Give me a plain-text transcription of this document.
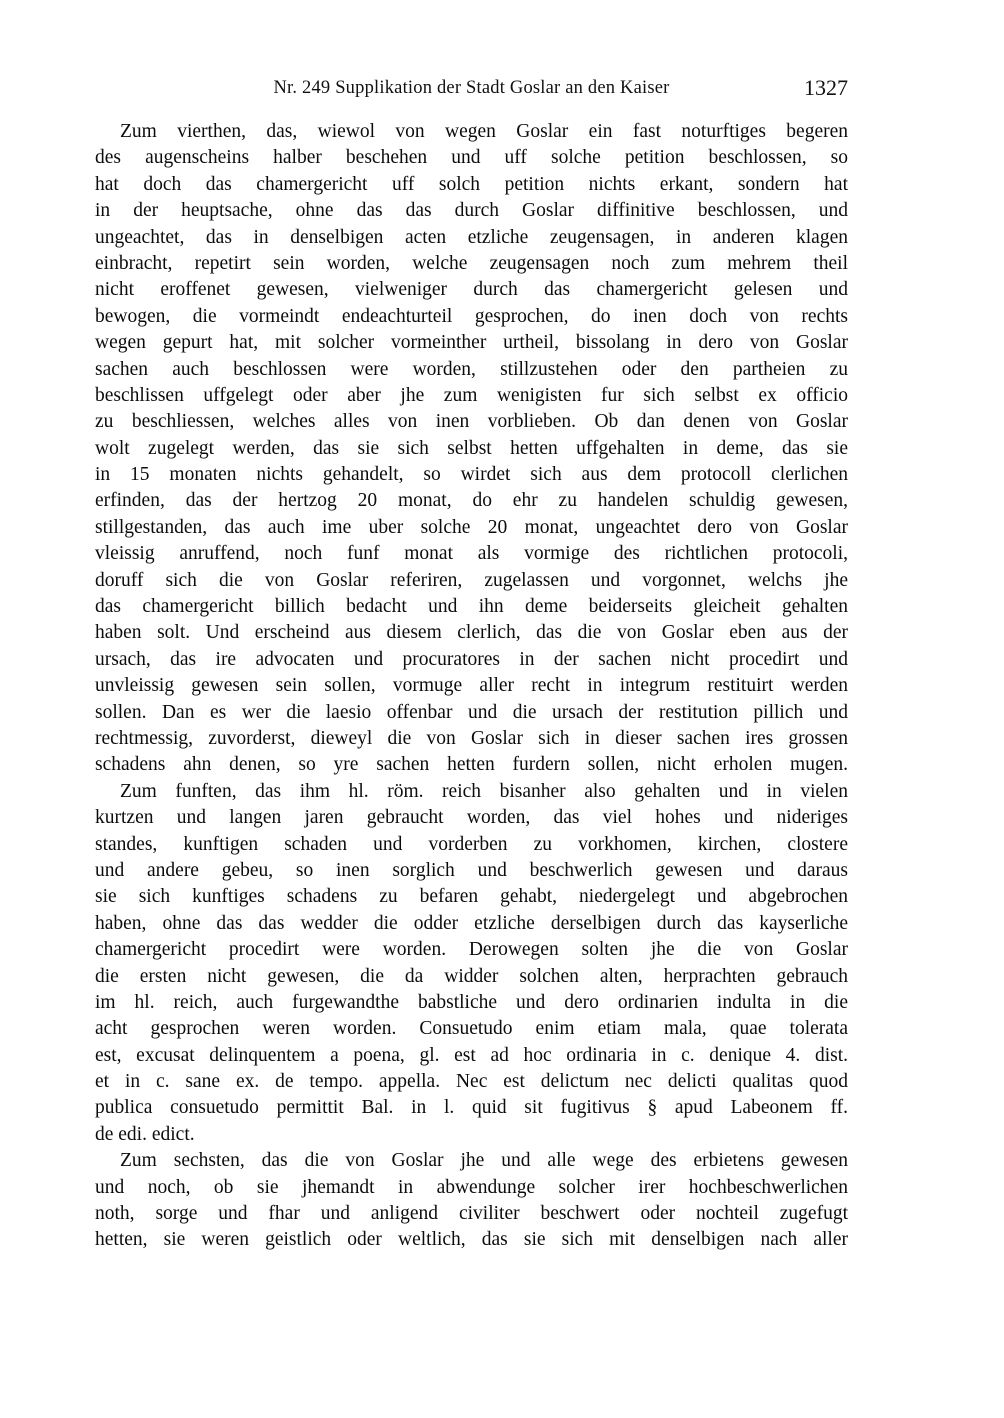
Nr. 249 Supplikation der Stadt Goslar an den Kaiser	1327
Zum vierthen, das, wiewol von wegen Goslar ein fast noturftiges begeren
des augenscheins halber beschehen und uff solche petition beschlossen, so
hat doch das chamergericht uff solch petition nichts erkant, sondern hat
in der heuptsache, ohne das das durch Goslar diffinitive beschlossen, und
ungeachtet, das in denselbigen acten etzliche zeugensagen, in anderen klagen
einbracht, repetirt sein worden, welche zeugensagen noch zum mehrem theil
nicht eroffenet gewesen, vielweniger durch das chamergericht gelesen und
bewogen, die vormeindt endeachturteil gesprochen, do inen doch von rechts
wegen gepurt hat, mit solcher vormeinther urtheil, bissolang in dero von Goslar
sachen auch beschlossen were worden, stillzustehen oder den partheien zu
beschlissen uffgelegt oder aber jhe zum wenigisten fur sich selbst ex officio
zu beschliessen, welches alles von inen vorblieben. Ob dan denen von Goslar
wolt zugelegt werden, das sie sich selbst hetten uffgehalten in deme, das sie
in 15 monaten nichts gehandelt, so wirdet sich aus dem protocoll clerlichen
erfinden, das der hertzog 20 monat, do ehr zu handelen schuldig gewesen,
stillgestanden, das auch ime uber solche 20 monat, ungeachtet dero von Goslar
vleissig anruffend, noch funf monat als vormige des richtlichen protocoli,
doruff sich die von Goslar referiren, zugelassen und vorgonnet, welchs jhe
das chamergericht billich bedacht und ihn deme beiderseits gleicheit gehalten
haben solt. Und erscheind aus diesem clerlich, das die von Goslar eben aus der
ursach, das ire advocaten und procuratores in der sachen nicht procedirt und
unvleissig gewesen sein sollen, vormuge aller recht in integrum restituirt werden
sollen. Dan es wer die laesio offenbar und die ursach der restitution pillich und
rechtmessig, zuvorderst, dieweyl die von Goslar sich in dieser sachen ires grossen
schadens ahn denen, so yre sachen hetten furdern sollen, nicht erholen mugen.
Zum funften, das ihm hl. röm. reich bisanher also gehalten und in vielen
kurtzen und langen jaren gebraucht worden, das viel hohes und nideriges
standes, kunftigen schaden und vorderben zu vorkhomen, kirchen, clostere
und andere gebeu, so inen sorglich und beschwerlich gewesen und daraus
sie sich kunftiges schadens zu befaren gehabt, niedergelegt und abgebrochen
haben, ohne das das wedder die odder etzliche derselbigen durch das kayserliche
chamergericht procedirt were worden. Derowegen solten jhe die von Goslar
die ersten nicht gewesen, die da widder solchen alten, herprachten gebrauch
im hl. reich, auch furgewandthe babstliche und dero ordinarien indulta in die
acht gesprochen weren worden. Consuetudo enim etiam mala, quae tolerata
est, excusat delinquentem a poena, gl. est ad hoc ordinaria in c. denique 4. dist.
et in c. sane ex. de tempo. appella. Nec est delictum nec delicti qualitas quod
publica consuetudo permittit Bal. in l. quid sit fugitivus § apud Labeonem ff.
de edi. edict.
Zum sechsten, das die von Goslar jhe und alle wege des erbietens gewesen
und noch, ob sie jhemandt in abwendunge solcher irer hochbeschwerlichen
noth, sorge und fhar und anligend civiliter beschwert oder nochteil zugefugt
hetten, sie weren geistlich oder weltlich, das sie sich mit denselbigen nach aller
